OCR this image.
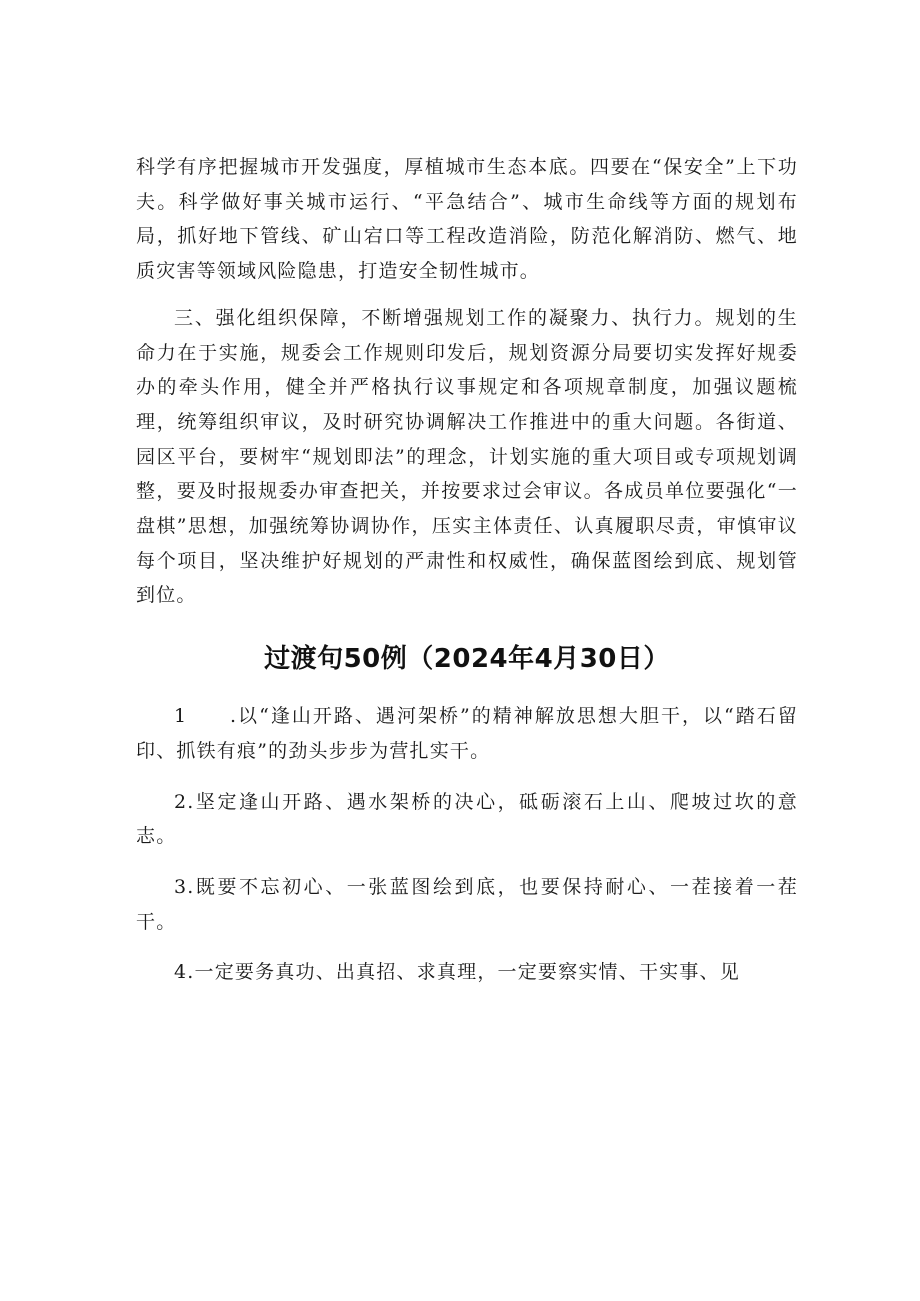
科学有序把握城市开发强度，厚植城市生态本底。四要在“保安全”上下功夫。科学做好事关城市运行、“平急结合”、城市生命线等方面的规划布局，抓好地下管线、矿山宕口等工程改造消险，防范化解消防、燃气、地质灾害等领域风险隐患，打造安全韧性城市。

三、强化组织保障，不断增强规划工作的凝聚力、执行力。规划的生命力在于实施，规委会工作规则印发后，规划资源分局要切实发挥好规委办的牵头作用，健全并严格执行议事规定和各项规章制度，加强议题梳理，统筹组织审议，及时研究协调解决工作推进中的重大问题。各街道、园区平台，要树牢“规划即法”的理念，计划实施的重大项目或专项规划调整，要及时报规委办审查把关，并按要求过会审议。各成员单位要强化“一盘棋”思想，加强统筹协调协作，压实主体责任、认真履职尽责，审慎审议每个项目，坚决维护好规划的严肃性和权威性，确保蓝图绘到底、规划管到位。

过渡句50例（2024年4月30日）

1 .以“逢山开路、遇河架桥”的精神解放思想大胆干，以“踏石留印、抓铁有痕”的劲头步步为营扎实干。

2.坚定逢山开路、遇水架桥的决心，砥砺滚石上山、爬坡过坎的意志。

3.既要不忘初心、一张蓝图绘到底，也要保持耐心、一茬接着一茬干。

4.一定要务真功、出真招、求真理，一定要察实情、干实事、见
